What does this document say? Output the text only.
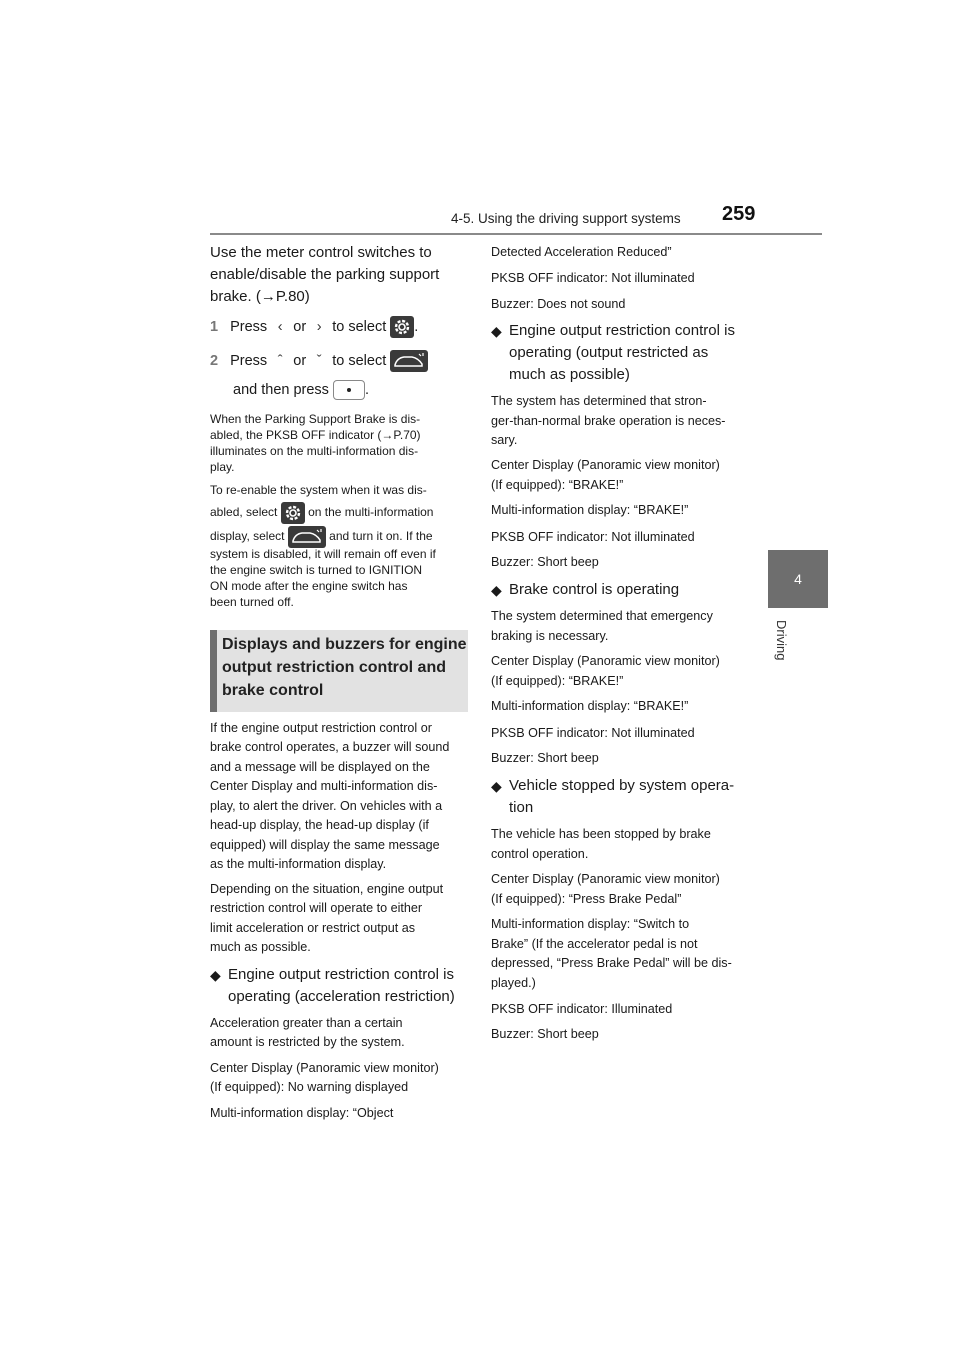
4-5. Using the driving support systems 259
4
Driving
Use the meter control switches to
enable/disable the parking support
brake. (→P.80)
1 Press ‹ or › to select .
2 Press ˆ or ˇ to select
and then press .
When the Parking Support Brake is dis-
abled, the PKSB OFF indicator (→P.70)
illuminates on the multi-information dis-
play.
To re-enable the system when it was dis-
abled, select	on the multi-information
display, select	and turn it on. If the
system is disabled, it will remain off even if
the engine switch is turned to IGNITION
ON mode after the engine switch has
been turned off.
If the engine output restriction control or
brake control operates, a buzzer will sound
and a message will be displayed on the
Center Display and multi-information dis-
play, to alert the driver. On vehicles with a
head-up display, the head-up display (if
equipped) will display the same message
as the multi-information display.
Depending on the situation, engine output
restriction control will operate to either
limit acceleration or restrict output as
much as possible.
◆ Engine output restriction control is
operating (acceleration restriction)
Acceleration greater than a certain
amount is restricted by the system.
Center Display (Panoramic view monitor)
(If equipped): No warning displayed
Multi-information display: “Object
Displays and buzzers for engine
output restriction control and
brake control
Detected Acceleration Reduced”
PKSB OFF indicator: Not illuminated
Buzzer: Does not sound
◆ Engine output restriction control is
operating (output restricted as
much as possible)
The system has determined that stron-
ger-than-normal brake operation is neces-
sary.
Center Display (Panoramic view monitor)
(If equipped): “BRAKE!”
Multi-information display: “BRAKE!”
PKSB OFF indicator: Not illuminated
Buzzer: Short beep
◆ Brake control is operating
The system determined that emergency
braking is necessary.
Center Display (Panoramic view monitor)
(If equipped): “BRAKE!”
Multi-information display: “BRAKE!”
PKSB OFF indicator: Not illuminated
Buzzer: Short beep
◆ Vehicle stopped by system opera-
tion
The vehicle has been stopped by brake
control operation.
Center Display (Panoramic view monitor)
(If equipped): “Press Brake Pedal”
Multi-information display: “Switch to
Brake” (If the accelerator pedal is not
depressed, “Press Brake Pedal” will be dis-
played.)
PKSB OFF indicator: Illuminated
Buzzer: Short beep
